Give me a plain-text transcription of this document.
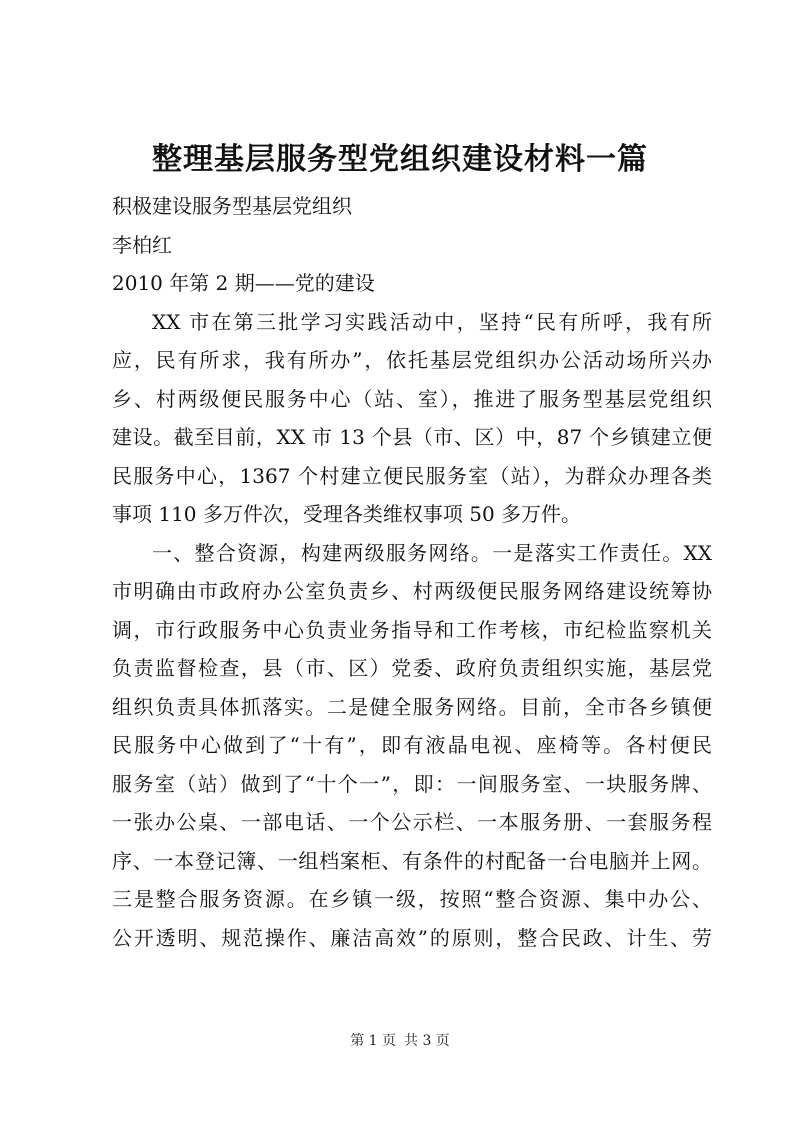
整理基层服务型党组织建设材料一篇
积极建设服务型基层党组织
李柏红
2010 年第 2 期——党的建设
XX 市在第三批学习实践活动中，坚持“民有所呼，我有所
应，民有所求，我有所办”，依托基层党组织办公活动场所兴办
乡、村两级便民服务中心（站、室），推进了服务型基层党组织
建设。截至目前，XX 市 13 个县（市、区）中，87 个乡镇建立便
民服务中心，1367 个村建立便民服务室（站），为群众办理各类
事项 110 多万件次，受理各类维权事项 50 多万件。
一、整合资源，构建两级服务网络。一是落实工作责任。XX
市明确由市政府办公室负责乡、村两级便民服务网络建设统筹协
调，市行政服务中心负责业务指导和工作考核，市纪检监察机关
负责监督检查，县（市、区）党委、政府负责组织实施，基层党
组织负责具体抓落实。二是健全服务网络。目前，全市各乡镇便
民服务中心做到了“十有”，即有液晶电视、座椅等。各村便民
服务室（站）做到了“十个一”，即：一间服务室、一块服务牌、
一张办公桌、一部电话、一个公示栏、一本服务册、一套服务程
序、一本登记簿、一组档案柜、有条件的村配备一台电脑并上网。
三是整合服务资源。在乡镇一级，按照“整合资源、集中办公、
公开透明、规范操作、廉洁高效”的原则，整合民政、计生、劳
第 1 页 共 3 页
